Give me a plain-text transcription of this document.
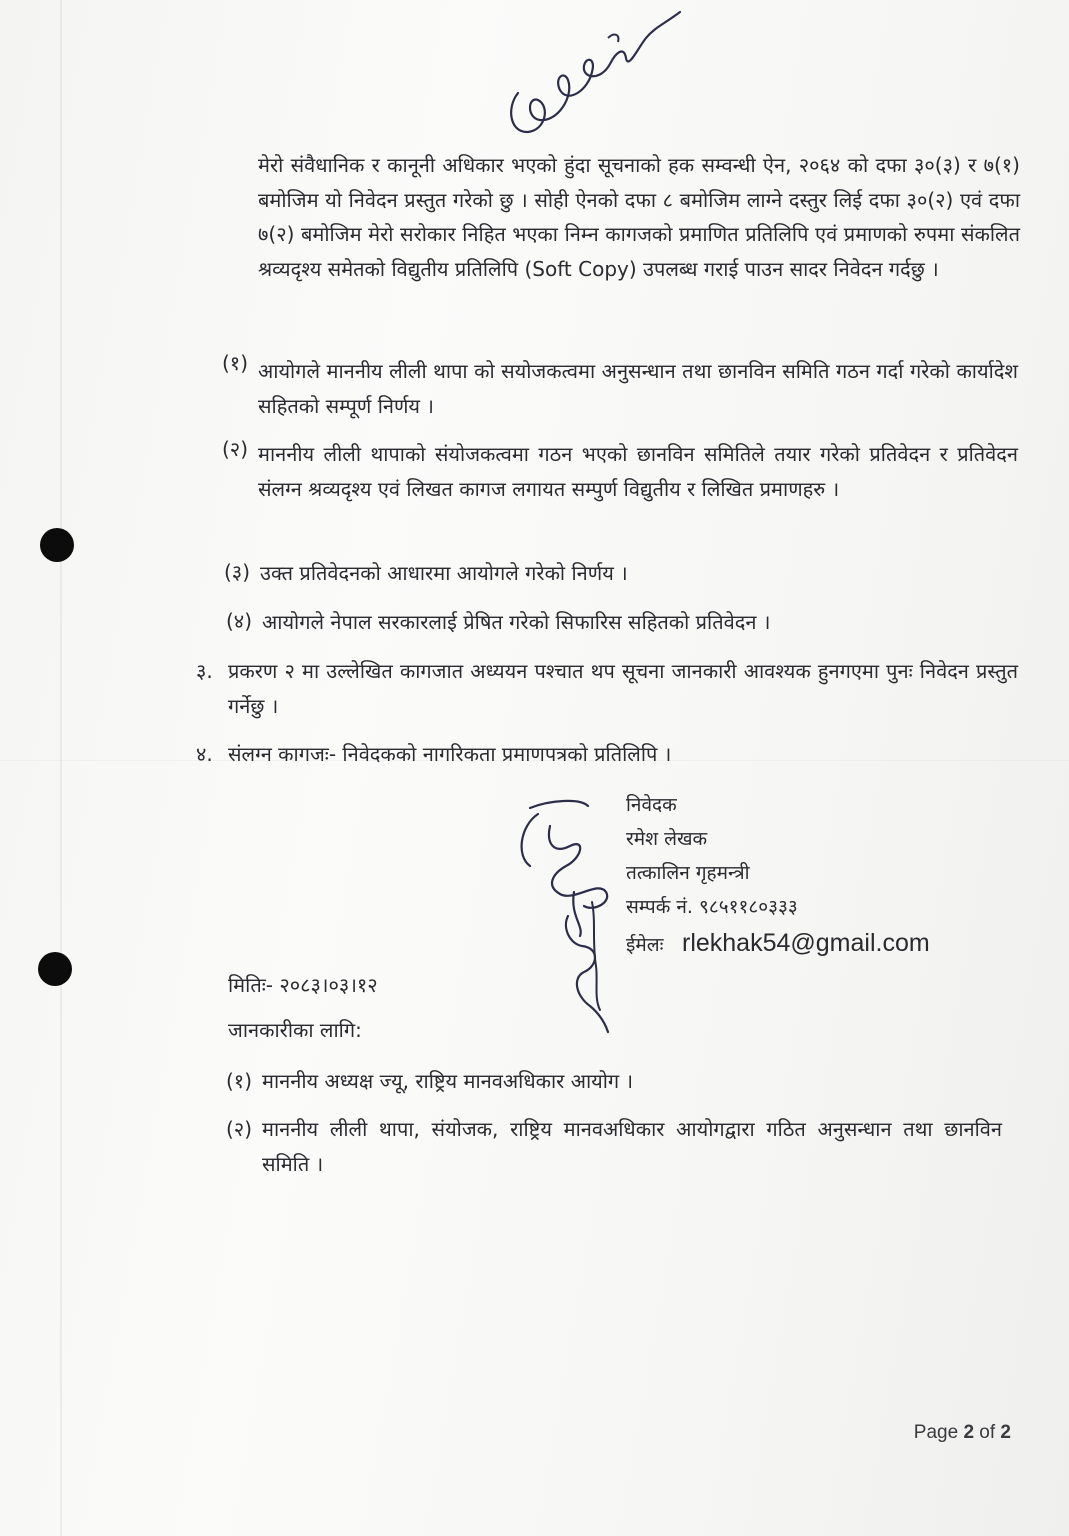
मेरो संवैधानिक र कानूनी अधिकार भएको हुंदा सूचनाको हक सम्वन्धी ऐन, २०६४ को दफा ३०(३) र ७(१) बमोजिम यो निवेदन प्रस्तुत गरेको छु । सोही ऐनको दफा ८ बमोजिम लाग्ने दस्तुर लिई दफा ३०(२) एवं दफा ७(२) बमोजिम मेरो सरोकार निहित भएका निम्न कागजको प्रमाणित प्रतिलिपि एवं प्रमाणको रुपमा संकलित श्रव्यदृश्य समेतको विद्युतीय प्रतिलिपि (Soft Copy) उपलब्ध गराई पाउन सादर निवेदन गर्दछु ।
(१) आयोगले माननीय लीली थापा को सयोजकत्वमा अनुसन्धान तथा छानविन समिति गठन गर्दा गरेको कार्यादेश सहितको सम्पूर्ण निर्णय ।
(२) माननीय लीली थापाको संयोजकत्वमा गठन भएको छानविन समितिले तयार गरेको प्रतिवेदन र प्रतिवेदन संलग्न श्रव्यदृश्य एवं लिखत कागज लगायत सम्पुर्ण विद्युतीय र लिखित प्रमाणहरु ।
(३) उक्त प्रतिवेदनको आधारमा आयोगले गरेको निर्णय ।
(४) आयोगले नेपाल सरकारलाई प्रेषित गरेको सिफारिस सहितको प्रतिवेदन ।
३. प्रकरण २ मा उल्लेखित कागजात अध्ययन पश्चात थप सूचना जानकारी आवश्यक हुनगएमा पुनः निवेदन प्रस्तुत गर्नेछु ।
४. संलग्न कागजः- निवेदकको नागरिकता प्रमाणपत्रको प्रतिलिपि ।
निवेदक
रमेश लेखक
तत्कालिन गृहमन्त्री
सम्पर्क नं. ९८५११८०३३३
ईमेलः rlekhak54@gmail.com
मितिः- २०८३।०३।१२
जानकारीका लागि:
(१) माननीय अध्यक्ष ज्यू, राष्ट्रिय मानवअधिकार आयोग ।
(२) माननीय लीली थापा, संयोजक, राष्ट्रिय मानवअधिकार आयोगद्वारा गठित अनुसन्धान तथा छानविन समिति ।
Page 2 of 2
